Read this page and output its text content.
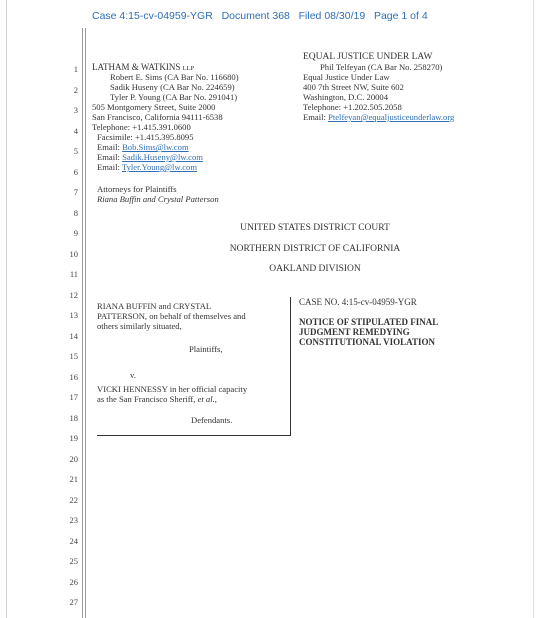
Case 4:15-cv-04959-YGR Document 368 Filed 08/30/19 Page 1 of 4
1
2
3
4
5
6
7
8
9
10
11
12
13
14
15
16
17
18
19
20
21
22
23
24
25
26
27
LATHAM & WATKINS LLP
Robert E. Sims (CA Bar No. 116680)
Sadik Huseny (CA Bar No. 224659)
Tyler P. Young (CA Bar No. 291041)
505 Montgomery Street, Suite 2000
San Francisco, California 94111-6538
Telephone: +1.415.391.0600
Facsimile: +1.415.395.8095
Email: Bob.Sims@lw.com
Email: Sadik.Huseny@lw.com
Email: Tyler.Young@lw.com
EQUAL JUSTICE UNDER LAW
Phil Telfeyan (CA Bar No. 258270)
Equal Justice Under Law
400 7th Street NW, Suite 602
Washington, D.C. 20004
Telephone: +1.202.505.2058
Email: Ptelfeyan@equaljusticeunderlaw.org
Attorneys for Plaintiffs
Riana Buffin and Crystal Patterson
UNITED STATES DISTRICT COURT
NORTHERN DISTRICT OF CALIFORNIA
OAKLAND DIVISION
RIANA BUFFIN and CRYSTAL
PATTERSON, on behalf of themselves and
others similarly situated,
Plaintiffs,
v.
VICKI HENNESSY in her official capacity
as the San Francisco Sheriff, et al.,
Defendants.
CASE NO. 4:15-cv-04959-YGR
NOTICE OF STIPULATED FINAL
JUDGMENT REMEDYING
CONSTITUTIONAL VIOLATION
